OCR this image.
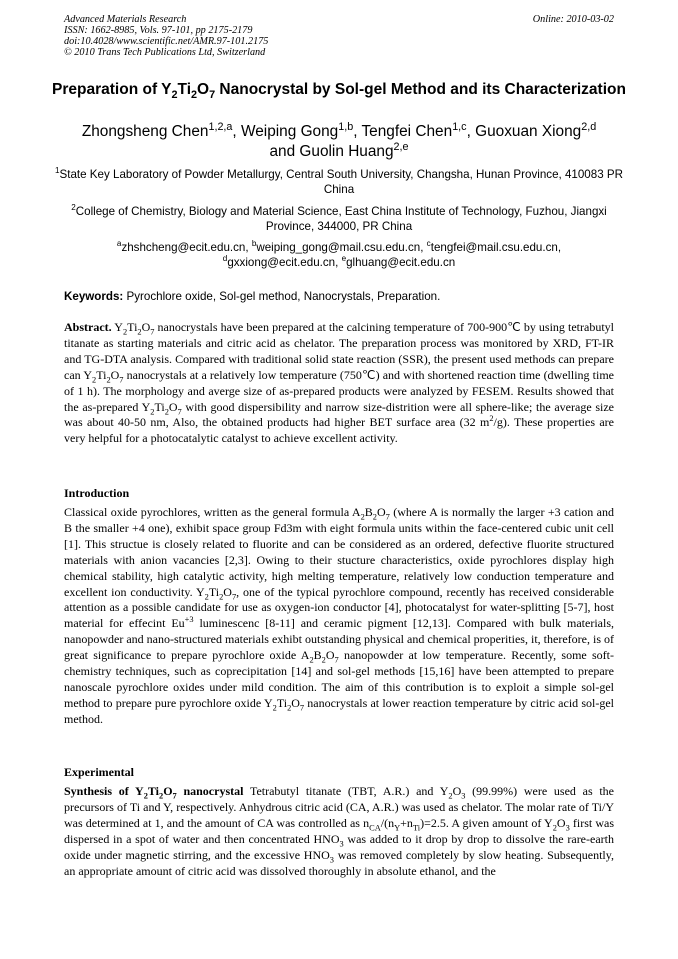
Advanced Materials Research
ISSN: 1662-8985, Vols. 97-101, pp 2175-2179
doi:10.4028/www.scientific.net/AMR.97-101.2175
© 2010 Trans Tech Publications Ltd, Switzerland
Online: 2010-03-02
Preparation of $Y_2Ti_2O_7$ Nanocrystal by Sol-gel Method and its Characterization
Zhongsheng Chen$^{1,2,a}$, Weiping Gong$^{1,b}$, Tengfei Chen$^{1,c}$, Guoxuan Xiong$^{2,d}$
and Guolin Huang$^{2,e}$
$^1$State Key Laboratory of Powder Metallurgy, Central South University, Changsha, Hunan Province, 410083 PR China
$^2$College of Chemistry, Biology and Material Science, East China Institute of Technology, Fuzhou, Jiangxi Province, 344000, PR China
$^a$zhshcheng@ecit.edu.cn, $^b$weiping_gong@mail.csu.edu.cn, $^c$tengfei@mail.csu.edu.cn,
$^d$gxxiong@ecit.edu.cn, $^e$glhuang@ecit.edu.cn
Keywords: Pyrochlore oxide, Sol-gel method, Nanocrystals, Preparation.
Abstract. $Y_2Ti_2O_7$ nanocrystals have been prepared at the calcining temperature of 700-900℃ by using tetrabutyl titanate as starting materials and citric acid as chelator. The preparation process was monitored by XRD, FT-IR and TG-DTA analysis. Compared with traditional solid state reaction (SSR), the present used methods can prepare can $Y_2Ti_2O_7$ nanocrystals at a relatively low temperature (750℃) and with shortened reaction time (dwelling time of 1 h). The morphology and averge size of as-prepared products were analyzed by FESEM. Results showed that the as-prepared $Y_2Ti_2O_7$ with good dispersibility and narrow size-distrition were all sphere-like; the average size was about 40-50 nm, Also, the obtained products had higher BET surface area (32 $m^2/g$). These properties are very helpful for a photocatalytic catalyst to achieve excellent activity.
Introduction
Classical oxide pyrochlores, written as the general formula $A_2B_2O_7$ (where A is normally the larger +3 cation and B the smaller +4 one), exhibit space group Fd3m with eight formula units within the face-centered cubic unit cell [1]. This structue is closely related to fluorite and can be considered as an ordered, defective fluorite structured materials with anion vacancies [2,3]. Owing to their stucture characteristics, oxide pyrochlores display high chemical stability, high catalytic activity, high melting temperature, relatively low conduction temperature and excellent ion conductivity. $Y_2Ti_2O_7$, one of the typical pyrochlore compound, recently has received considerable attention as a possible candidate for use as oxygen-ion conductor [4], photocatalyst for water-splitting [5-7], host material for effecint $Eu^{+3}$ luminescenc [8-11] and ceramic pigment [12,13]. Compared with bulk materials, nanopowder and nano-structured materials exhibt outstanding physical and chemical properities, it, therefore, is of great significance to prepare pyrochlore oxide $A_2B_2O_7$ nanopowder at low temperature. Recently, some soft-chemistry techniques, such as coprecipitation [14] and sol-gel methods [15,16] have been attempted to prepare nanoscale pyrochlore oxides under mild condition. The aim of this contribution is to exploit a simple sol-gel method to prepare pure pyrochlore oxide $Y_2Ti_2O_7$ nanocrystals at lower reaction temperature by citric acid sol-gel method.
Experimental
Synthesis of $Y_2Ti_2O_7$ nanocrystal Tetrabutyl titanate (TBT, A.R.) and $Y_2O_3$ (99.99%) were used as the precursors of Ti and Y, respectively. Anhydrous citric acid (CA, A.R.) was used as chelator. The molar rate of Ti/Y was determined at 1, and the amount of CA was controlled as $n_{CA}/(n_Y+n_{Ti})=2.5$. A given amount of $Y_2O_3$ first was dispersed in a spot of water and then concentrated $HNO_3$ was added to it drop by drop to dissolve the rare-earth oxide under magnetic stirring, and the excessive $HNO_3$ was removed completely by slow heating. Subsequently, an appropriate amount of citric acid was dissolved thoroughly in absolute ethanol, and the
